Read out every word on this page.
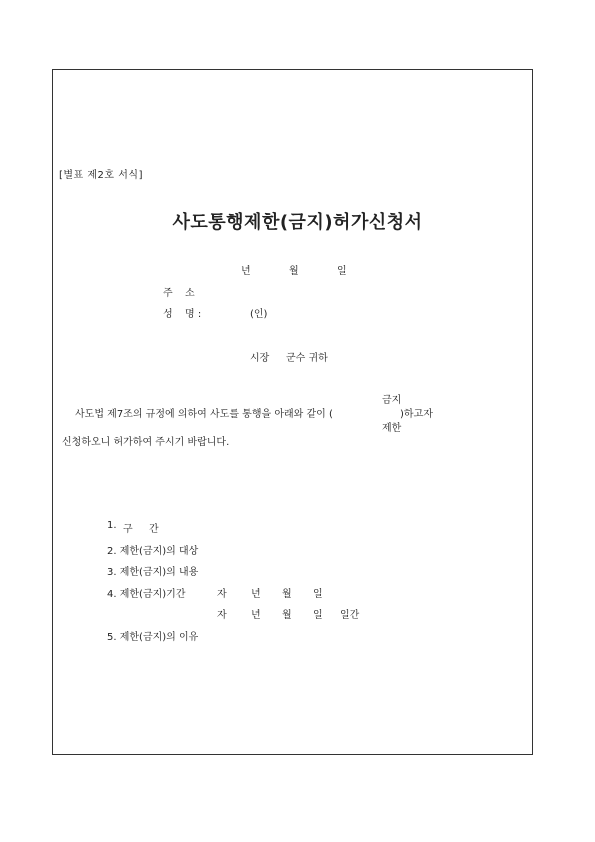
[별표 제2호 서식]
사도통행제한(금지)허가신청서
년	월	일
주 소
성 명 :	(인)
시장 군수 귀하
사도법 제7조의 규정에 의하여 사도를 통행을 아래와 같이 (
금지
제한
)하고자
신청하오니 허가하여 주시기 바랍니다.
1. 구 간
2. 제한(금지)의 대상
3. 제한(금지)의 내용
4. 제한(금지)기간	자 년 월 일
자 년 월 일 일간
5. 제한(금지)의 이유
